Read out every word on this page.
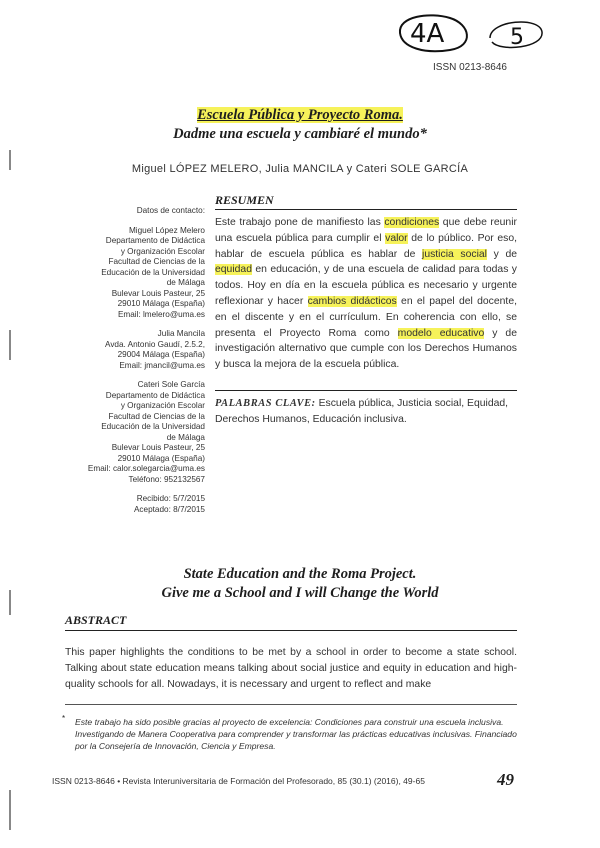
4A	5
ISSN 0213-8646
Escuela Pública y Proyecto Roma.
Dadme una escuela y cambiaré el mundo*
Miguel LÓPEZ MELERO, Julia MANCILA y Cateri SOLE GARCÍA
RESUMEN
Este trabajo pone de manifiesto las condiciones que debe reunir una escuela pública para cumplir el valor de lo público. Por eso, hablar de escuela pública es hablar de justicia social y de equidad en educación, y de una escuela de calidad para todas y todos. Hoy en día en la escuela pública es necesario y urgente reflexionar y hacer cambios didácticos en el papel del docente, en el discente y en el currículum. En coherencia con ello, se presenta el Proyecto Roma como modelo educativo y de investigación alternativo que cumple con los Derechos Humanos y busca la mejora de la escuela pública.
PALABRAS CLAVE: Escuela pública, Justicia social, Equidad, Derechos Humanos, Educación inclusiva.
Datos de contacto:
Miguel López Melero
Departamento de Didáctica
y Organización Escolar
Facultad de Ciencias de la
Educación de la Universidad
de Málaga
Bulevar Louis Pasteur, 25
29010 Málaga (España)
Email: lmelero@uma.es
Julia Mancila
Avda. Antonio Gaudí, 2.5.2,
29004 Málaga (España)
Email: jmancil@uma.es
Cateri Sole García
Departamento de Didáctica
y Organización Escolar
Facultad de Ciencias de la
Educación de la Universidad
de Málaga
Bulevar Louis Pasteur, 25
29010 Málaga (España)
Email: calor.solegarcia@uma.es
Teléfono: 952132567
Recibido: 5/7/2015
Aceptado: 8/7/2015
State Education and the Roma Project.
Give me a School and I will Change the World
ABSTRACT
This paper highlights the conditions to be met by a school in order to become a state school. Talking about state education means talking about social justice and equity in education and high-quality schools for all. Nowadays, it is necessary and urgent to reflect and make
* Este trabajo ha sido posible gracias al proyecto de excelencia: Condiciones para construir una escuela inclusiva. Investigando de Manera Cooperativa para comprender y transformar las prácticas educativas inclusivas. Financiado por la Consejería de Innovación, Ciencia y Empresa.
ISSN 0213-8646 • Revista Interuniversitaria de Formación del Profesorado, 85 (30.1) (2016), 49-65	49
